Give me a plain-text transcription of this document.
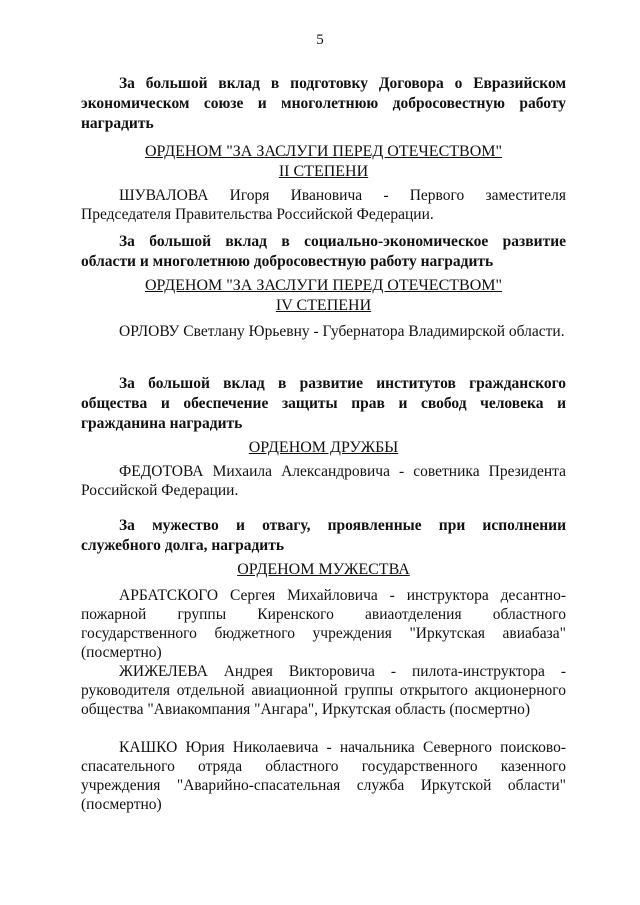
5

За большой вклад в подготовку Договора о Евразийском экономическом союзе и многолетнюю добросовестную работу наградить

ОРДЕНОМ "ЗА ЗАСЛУГИ ПЕРЕД ОТЕЧЕСТВОМ"
II СТЕПЕНИ

ШУВАЛОВА Игоря Ивановича - Первого заместителя Председателя Правительства Российской Федерации.

За большой вклад в социально-экономическое развитие области и многолетнюю добросовестную работу наградить

ОРДЕНОМ "ЗА ЗАСЛУГИ ПЕРЕД ОТЕЧЕСТВОМ"
IV СТЕПЕНИ

ОРЛОВУ Светлану Юрьевну - Губернатора Владимирской области.

За большой вклад в развитие институтов гражданского общества и обеспечение защиты прав и свобод человека и гражданина наградить

ОРДЕНОМ ДРУЖБЫ

ФЕДОТОВА Михаила Александровича - советника Президента Российской Федерации.

За мужество и отвагу, проявленные при исполнении служебного долга, наградить

ОРДЕНОМ МУЖЕСТВА

АРБАТСКОГО Сергея Михайловича - инструктора десантно-пожарной группы Киренского авиаотделения областного государственного бюджетного учреждения "Иркутская авиабаза" (посмертно)

ЖИЖЕЛЕВА Андрея Викторовича - пилота-инструктора - руководителя отдельной авиационной группы открытого акционерного общества "Авиакомпания "Ангара", Иркутская область (посмертно)

КАШКО Юрия Николаевича - начальника Северного поисково-спасательного отряда областного государственного казенного учреждения "Аварийно-спасательная служба Иркутской области" (посмертно)
